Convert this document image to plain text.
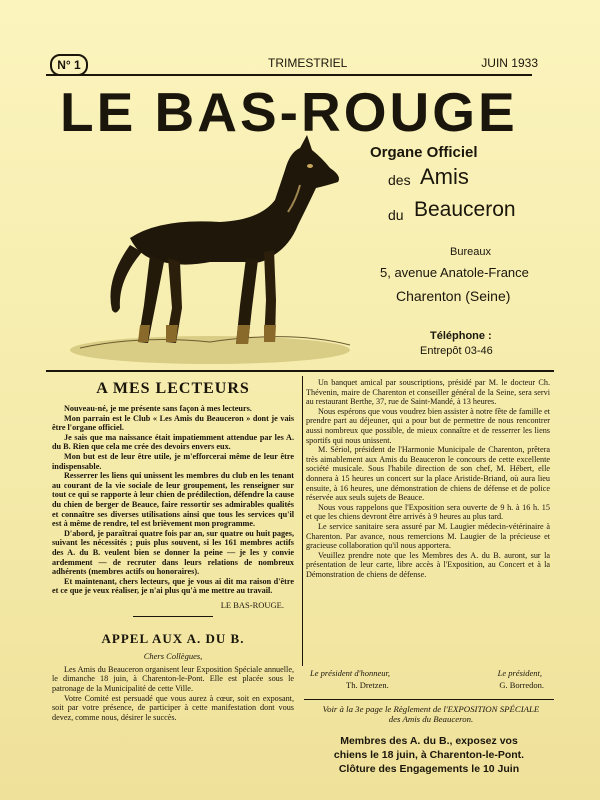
N° 1	TRIMESTRIEL	JUIN 1933
LE BAS-ROUGE
Organe Officiel
des Amis
du Beauceron
Bureaux
5, avenue Anatole-France
Charenton (Seine)
Téléphone :
Entrepôt 03-46
A MES LECTEURS

Nouveau-né, je me présente sans façon à mes lecteurs.

Mon parrain est le Club « Les Amis du Beauceron » dont je vais être l'organe officiel.

Je sais que ma naissance était impatiemment attendue par les A. du B. Rien que cela me crée des devoirs envers eux.

Mon but est de leur être utile, je m'efforcerai même de leur être indispensable.

Resserrer les liens qui unissent les membres du club en les tenant au courant de la vie sociale de leur groupement, les renseigner sur tout ce qui se rapporte à leur chien de prédilection, défendre la cause du chien de berger de Beauce, faire ressortir ses admirables qualités et connaître ses diverses utilisations ainsi que tous les services qu'il est à même de rendre, tel est brièvement mon programme.

D'abord, je paraîtrai quatre fois par an, sur quatre ou huit pages, suivant les nécessités ; puis plus souvent, si les 161 membres actifs des A. du B. veulent bien se donner la peine — je les y convie ardemment — de recruter dans leurs relations de nombreux adhérents (membres actifs ou honoraires).

Et maintenant, chers lecteurs, que je vous ai dit ma raison d'être et ce que je veux réaliser, je n'ai plus qu'à me mettre au travail.

LE BAS-ROUGE.
APPEL AUX A. DU B.
Chers Collègues,

Les Amis du Beauceron organisent leur Exposition Spéciale annuelle, le dimanche 18 juin, à Charenton-le-Pont. Elle est placée sous le patronage de la Municipalité de cette Ville.

Votre Comité est persuadé que vous aurez à cœur, soit en exposant, soit par votre présence, de participer à cette manifestation dont vous devez, comme nous, désirer le succès.

Un banquet amical par souscriptions, présidé par M. le docteur Ch. Thévenin, maire de Charenton et conseiller général de la Seine, sera servi au restaurant Berthe, 37, rue de Saint-Mandé, à 13 heures.

Nous espérons que vous voudrez bien assister à notre fête de famille et prendre part au déjeuner, qui a pour but de permettre de nous rencontrer aussi nombreux que possible, de mieux connaître et de resserrer les liens sportifs qui nous unissent.

M. Sériol, président de l'Harmonie Municipale de Charenton, prêtera très aimablement aux Amis du Beauceron le concours de cette excellente société musicale. Sous l'habile direction de son chef, M. Hébert, elle donnera à 15 heures un concert sur la place Aristide-Briand, où aura lieu ensuite, à 16 heures, une démonstration de chiens de défense et de police réservée aux seuls sujets de Beauce.

Nous vous rappelons que l'Exposition sera ouverte de 9 h. à 16 h. 15 et que les chiens devront être arrivés à 9 heures au plus tard.

Le service sanitaire sera assuré par M. Laugier médecin-vétérinaire à Charenton. Par avance, nous remercions M. Laugier de la précieuse et gracieuse collaboration qu'il nous apportera.

Veuillez prendre note que les Membres des A. du B. auront, sur la présentation de leur carte, libre accès à l'Exposition, au Concert et à la Démonstration de chiens de défense.

Le président d'honneur,
Th. Dretzen.
Le président,
G. Borredon.
Voir à la 3e page le Règlement de l'EXPOSITION SPÉCIALE des Amis du Beauceron.
Membres des A. du B., exposez vos
chiens le 18 juin, à Charenton-le-Pont.
Clôture des Engagements le 10 Juin
